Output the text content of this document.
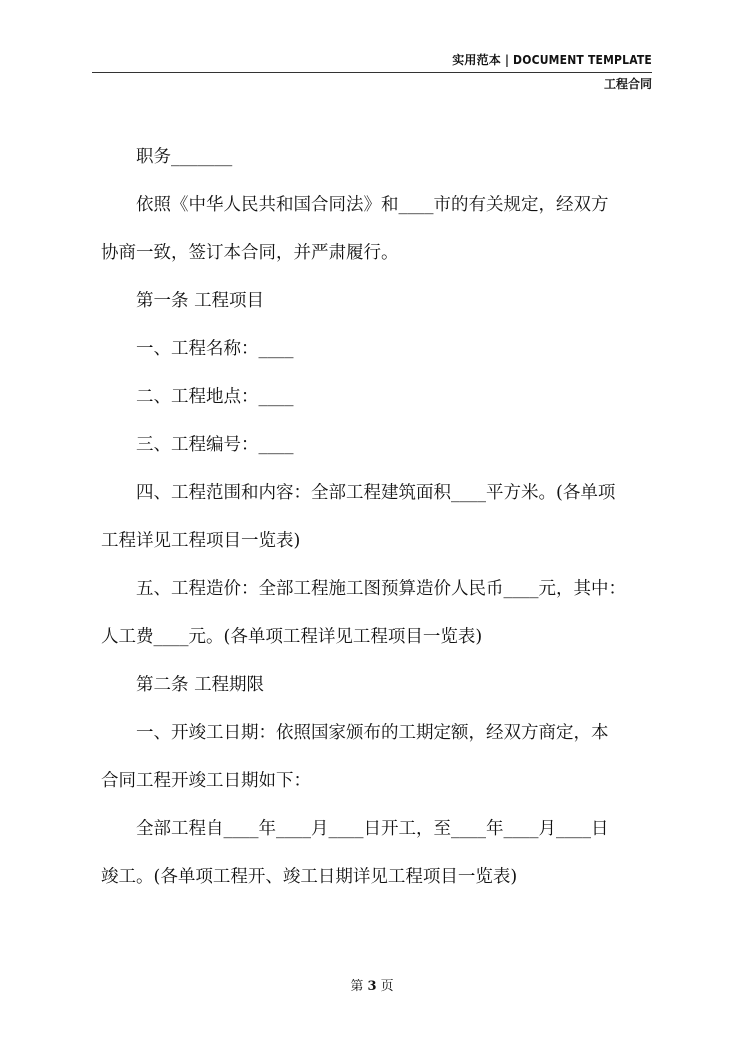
实用范本 | DOCUMENT TEMPLATE
工程合同

职务_______

依照《中华人民共和国合同法》和____市的有关规定，经双方

协商一致，签订本合同，并严肃履行。

第一条 工程项目

一、工程名称：____

二、工程地点：____

三、工程编号：____

四、工程范围和内容：全部工程建筑面积____平方米。(各单项

工程详见工程项目一览表)

五、工程造价：全部工程施工图预算造价人民币____元，其中：

人工费____元。(各单项工程详见工程项目一览表)

第二条 工程期限

一、开竣工日期：依照国家颁布的工期定额，经双方商定，本

合同工程开竣工日期如下：

全部工程自____年____月____日开工，至____年____月____日

竣工。(各单项工程开、竣工日期详见工程项目一览表)

第 3 页
